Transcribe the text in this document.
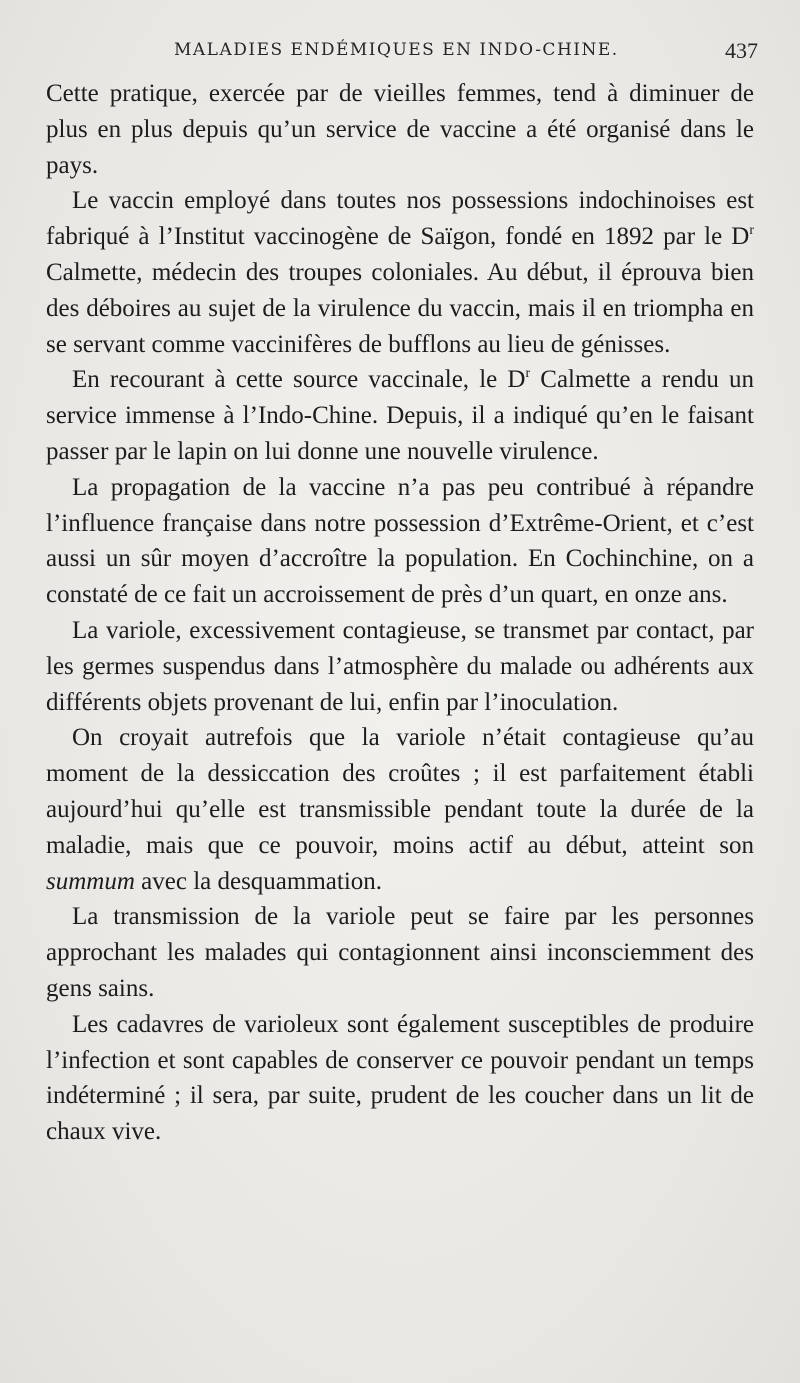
MALADIES ENDÉMIQUES EN INDO-CHINE.	437

Cette pratique, exercée par de vieilles femmes, tend à diminuer de plus en plus depuis qu’un service de vaccine a été organisé dans le pays.

Le vaccin employé dans toutes nos possessions indochinoises est fabriqué à l’Institut vaccinogène de Saïgon, fondé en 1892 par le $D^r$ Calmette, médecin des troupes coloniales. Au début, il éprouva bien des déboires au sujet de la virulence du vaccin, mais il en triompha en se servant comme vaccinifères de bufflons au lieu de génisses.

En recourant à cette source vaccinale, le $D^r$ Calmette a rendu un service immense à l’Indo-Chine. Depuis, il a indiqué qu’en le faisant passer par le lapin on lui donne une nouvelle virulence.

La propagation de la vaccine n’a pas peu contribué à répandre l’influence française dans notre possession d’Extrême-Orient, et c’est aussi un sûr moyen d’accroître la population. En Cochinchine, on a constaté de ce fait un accroissement de près d’un quart, en onze ans.

La variole, excessivement contagieuse, se transmet par contact, par les germes suspendus dans l’atmosphère du malade ou adhérents aux différents objets provenant de lui, enfin par l’inoculation.

On croyait autrefois que la variole n’était contagieuse qu’au moment de la dessiccation des croûtes ; il est parfaitement établi aujourd’hui qu’elle est transmissible pendant toute la durée de la maladie, mais que ce pouvoir, moins actif au début, atteint son summum avec la desquammation.

La transmission de la variole peut se faire par les personnes approchant les malades qui contagionnent ainsi inconsciemment des gens sains.

Les cadavres de varioleux sont également susceptibles de produire l’infection et sont capables de conserver ce pouvoir pendant un temps indéterminé ; il sera, par suite, prudent de les coucher dans un lit de chaux vive.
